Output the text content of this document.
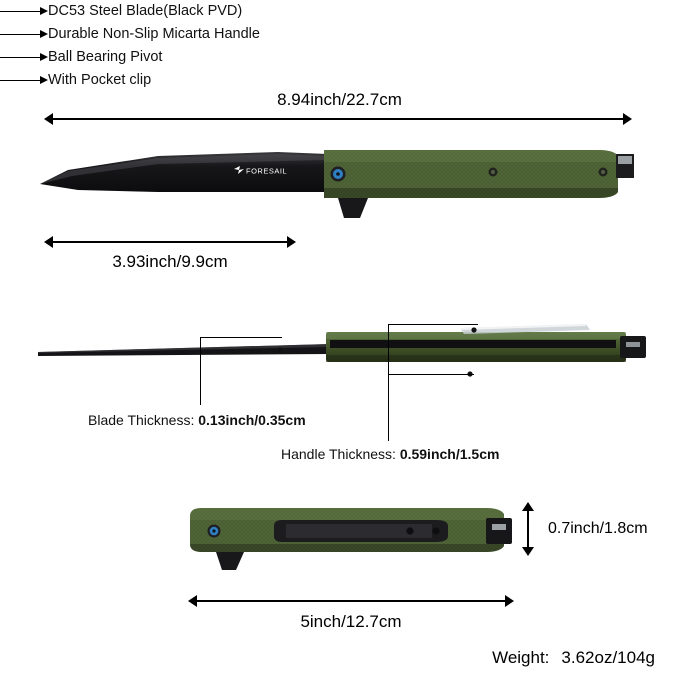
DC53 Steel Blade(Black PVD)
Durable Non-Slip Micarta Handle
Ball Bearing Pivot
With Pocket clip
8.94inch/22.7cm
FORESAIL
3.93inch/9.9cm
Blade Thickness: 0.13inch/0.35cm
Handle Thickness: 0.59inch/1.5cm
0.7inch/1.8cm
5inch/12.7cm
Weight: 3.62oz/104g
